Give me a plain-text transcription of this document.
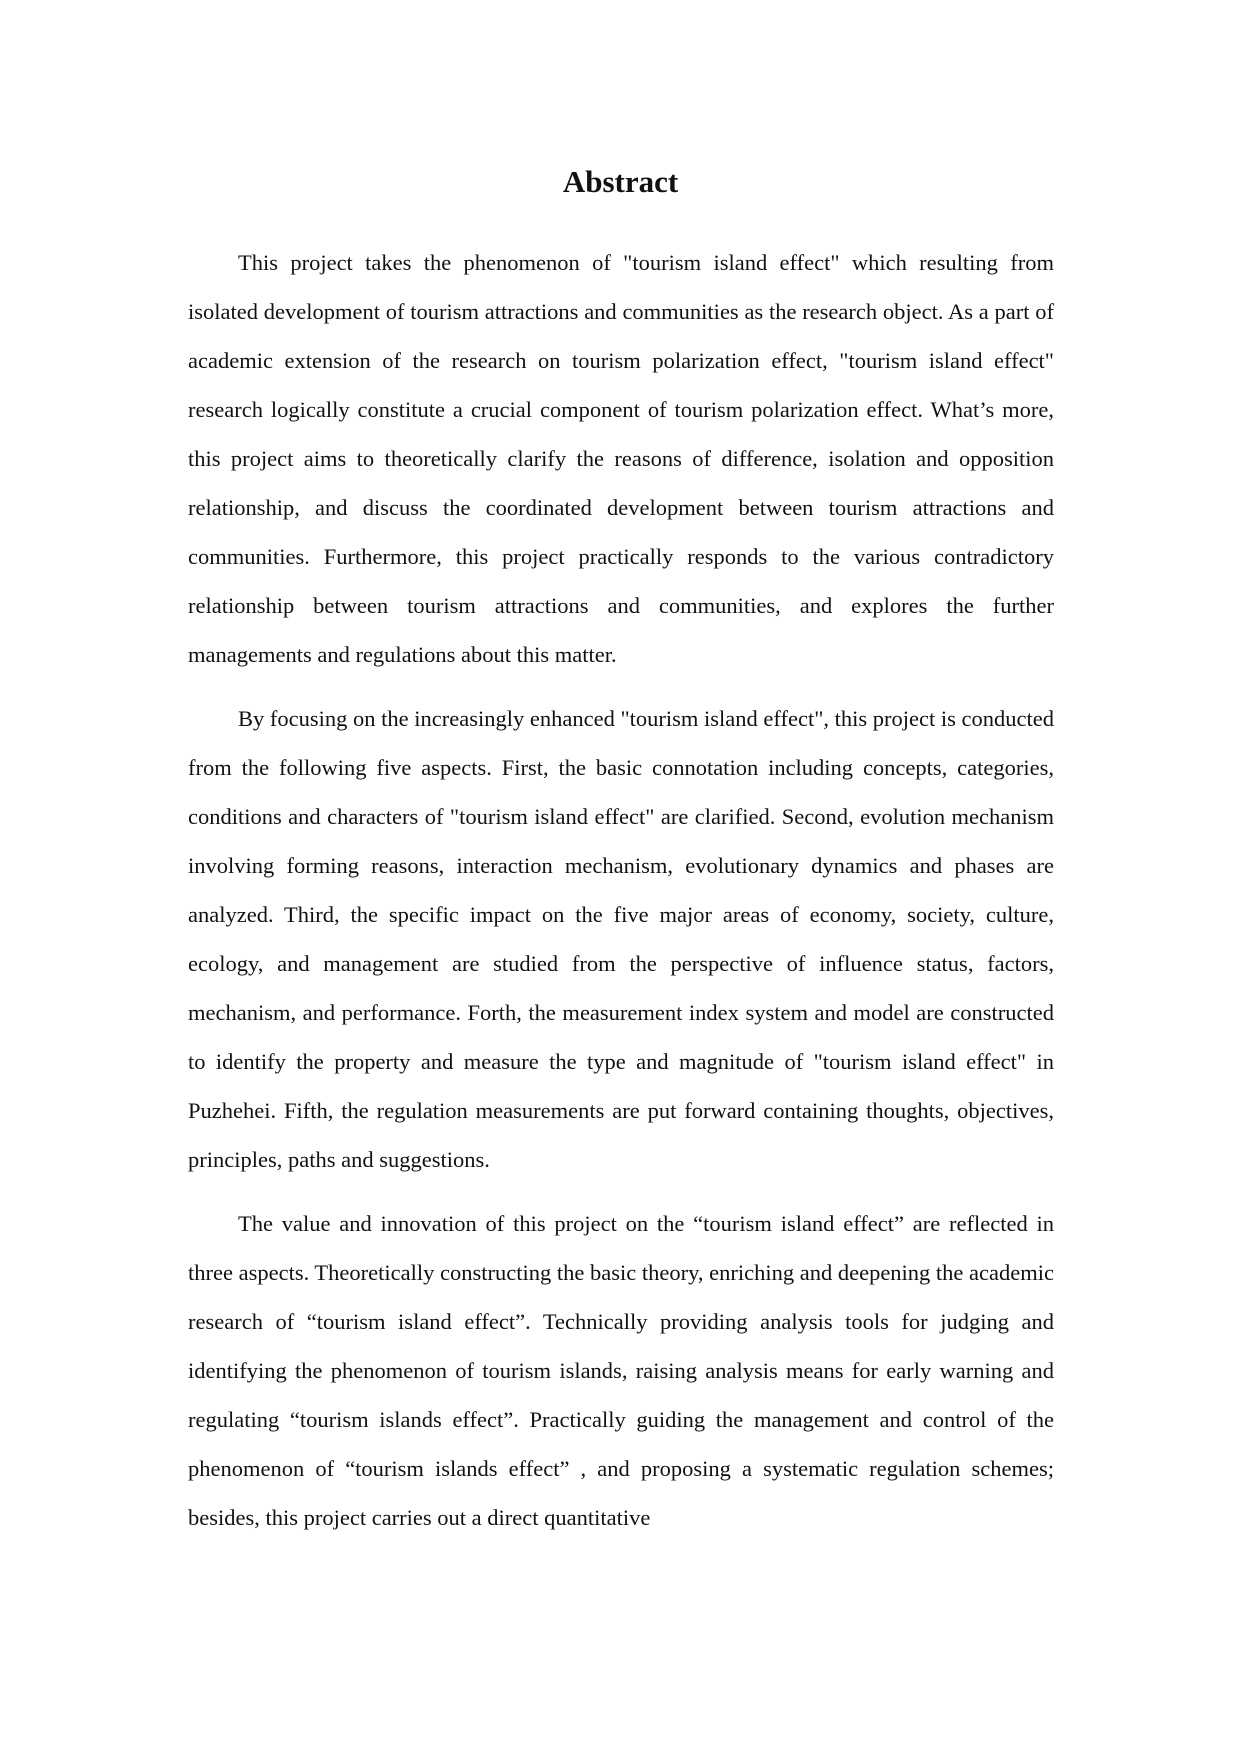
Abstract

This project takes the phenomenon of "tourism island effect" which resulting from isolated development of tourism attractions and communities as the research object. As a part of academic extension of the research on tourism polarization effect, "tourism island effect" research logically constitute a crucial component of tourism polarization effect. What’s more, this project aims to theoretically clarify the reasons of difference, isolation and opposition relationship, and discuss the coordinated development between tourism attractions and communities. Furthermore, this project practically responds to the various contradictory relationship between tourism attractions and communities, and explores the further managements and regulations about this matter.

By focusing on the increasingly enhanced "tourism island effect", this project is conducted from the following five aspects. First, the basic connotation including concepts, categories, conditions and characters of "tourism island effect" are clarified. Second, evolution mechanism involving forming reasons, interaction mechanism, evolutionary dynamics and phases are analyzed. Third, the specific impact on the five major areas of economy, society, culture, ecology, and management are studied from the perspective of influence status, factors, mechanism, and performance. Forth, the measurement index system and model are constructed to identify the property and measure the type and magnitude of "tourism island effect" in Puzhehei. Fifth, the regulation measurements are put forward containing thoughts, objectives, principles, paths and suggestions.

The value and innovation of this project on the “tourism island effect” are reflected in three aspects. Theoretically constructing the basic theory, enriching and deepening the academic research of “tourism island effect”. Technically providing analysis tools for judging and identifying the phenomenon of tourism islands, raising analysis means for early warning and regulating “tourism islands effect”. Practically guiding the management and control of the phenomenon of “tourism islands effect” , and proposing a systematic regulation schemes; besides, this project carries out a direct quantitative
